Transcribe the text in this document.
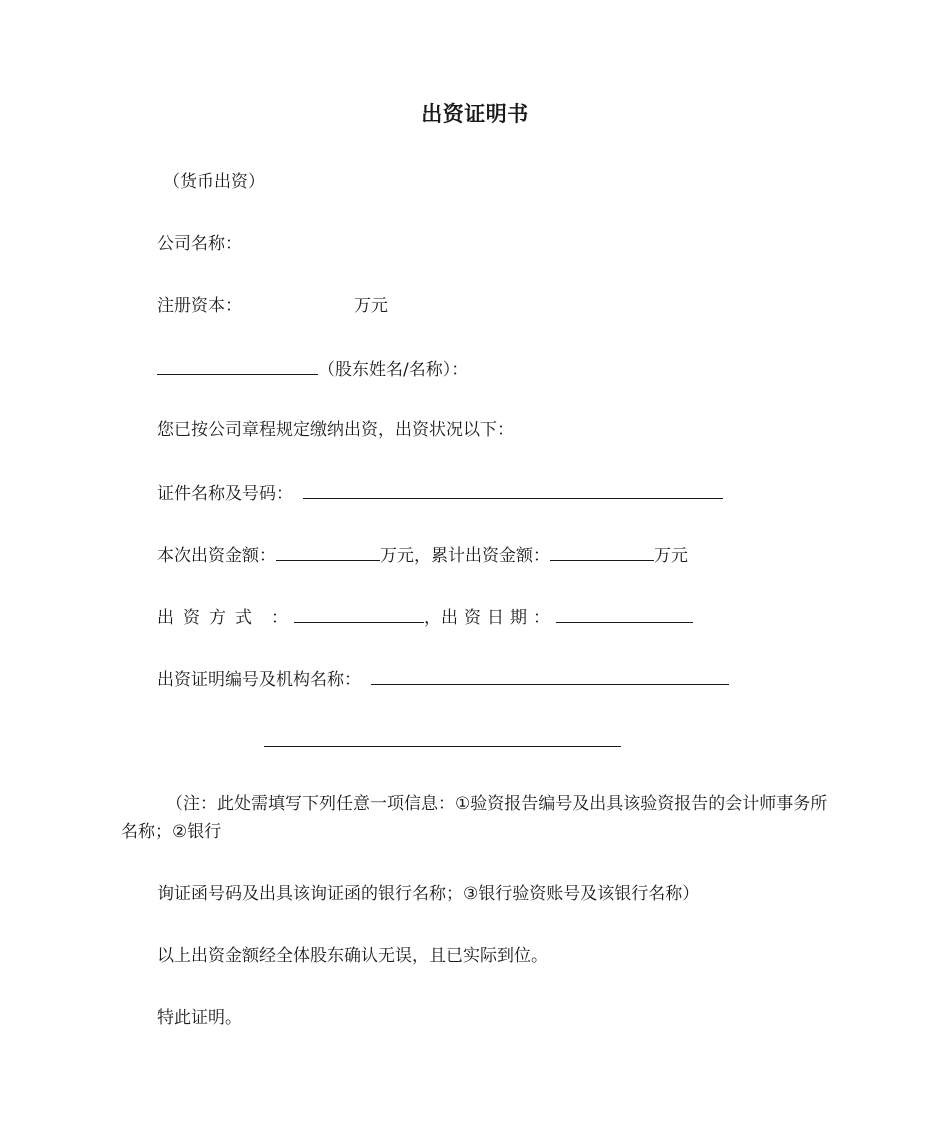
出资证明书
（货币出资）
公司名称：
注册资本：	万元
（股东姓名/名称）：
您已按公司章程规定缴纳出资，出资状况以下：
证件名称及号码：
本次出资金额：	万元，累计出资金额：	万元
出资方式 ：	，出资日期：
出资证明编号及机构名称：
（注：此处需填写下列任意一项信息：①验资报告编号及出具该验资报告的会计师事务所名称；②银行
询证函号码及出具该询证函的银行名称；③银行验资账号及该银行名称）
以上出资金额经全体股东确认无误，且已实际到位。
特此证明。
